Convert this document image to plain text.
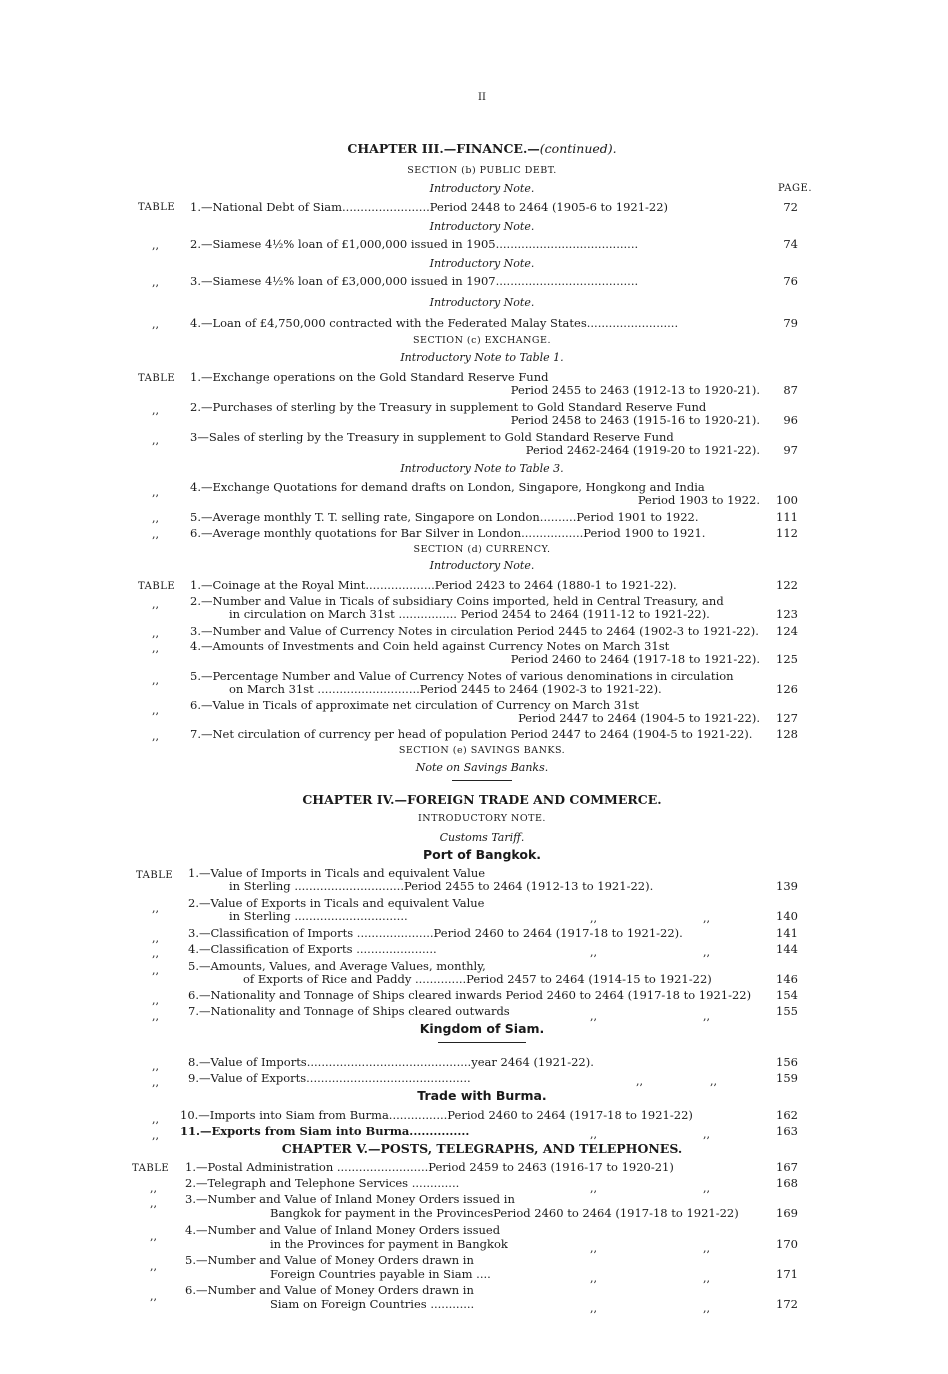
II
CHAPTER III.—FINANCE.—(continued).
SECTION (b) PUBLIC DEBT.
Introductory Note.	PAGE.
TABLE 1.—National Debt of Siam........................Period 2448 to 2464 (1905-6 to 1921-22)	72
Introductory Note.
,,	2.—Siamese 4½% loan of £1,000,000 issued in 1905.......................................	74
Introductory Note.
,,	3.—Siamese 4½% loan of £3,000,000 issued in 1907.......................................	76
Introductory Note.
,,	4.—Loan of £4,750,000 contracted with the Federated Malay States.........................	79
SECTION (c) EXCHANGE.
Introductory Note to Table 1.
TABLE 1.—Exchange operations on the Gold Standard Reserve Fund
Period 2455 to 2463 (1912-13 to 1920-21). 87
,,	2.—Purchases of sterling by the Treasury in supplement to Gold Standard Reserve Fund
Period 2458 to 2463 (1915-16 to 1920-21). 96
,,	3—Sales of sterling by the Treasury in supplement to Gold Standard Reserve Fund
Period 2462-2464 (1919-20 to 1921-22). 97
Introductory Note to Table 3.
,,	4.—Exchange Quotations for demand drafts on London, Singapore, Hongkong and India
Period 1903 to 1922. 100
,,	5.—Average monthly T. T. selling rate, Singapore on London..........Period 1901 to 1922.	111
,,	6.—Average monthly quotations for Bar Silver in London.................Period 1900 to 1921.	112
SECTION (d) CURRENCY.
Introductory Note.
TABLE 1.—Coinage at the Royal Mint...................Period 2423 to 2464 (1880-1 to 1921-22).	122
,,	2.—Number and Value in Ticals of subsidiary Coins imported, held in Central Treasury, and
in circulation on March 31st ................ Period 2454 to 2464 (1911-12 to 1921-22).	123
,,	3.—Number and Value of Currency Notes in circulation Period 2445 to 2464 (1902-3 to 1921-22). 124
,,	4.—Amounts of Investments and Coin held against Currency Notes on March 31st
Period 2460 to 2464 (1917-18 to 1921-22). 125
,,	5.—Percentage Number and Value of Currency Notes of various denominations in circulation
on March 31st ............................Period 2445 to 2464 (1902-3 to 1921-22).	126
,,	6.—Value in Ticals of approximate net circulation of Currency on March 31st
Period 2447 to 2464 (1904-5 to 1921-22). 127
,,	7.—Net circulation of currency per head of population Period 2447 to 2464 (1904-5 to 1921-22). 128
SECTION (e) SAVINGS BANKS.
Note on Savings Banks.
CHAPTER IV.—FOREIGN TRADE AND COMMERCE.
INTRODUCTORY NOTE.
Customs Tariff.
Port of Bangkok.
TABLE 1.—Value of Imports in Ticals and equivalent Value
in Sterling ..............................Period 2455 to 2464 (1912-13 to 1921-22).	139
,,	2.—Value of Exports in Ticals and equivalent Value
in Sterling ...............................	,,	,,	140
,,	3.—Classification of Imports .....................Period 2460 to 2464 (1917-18 to 1921-22).	141
,,	4.—Classification of Exports ......................	,,	,,	144
,,	5.—Amounts, Values, and Average Values, monthly,
of Exports of Rice and Paddy ..............Period 2457 to 2464 (1914-15 to 1921-22)	146
,,	6.—Nationality and Tonnage of Ships cleared inwards Period 2460 to 2464 (1917-18 to 1921-22) 154
,,	7.—Nationality and Tonnage of Ships cleared outwards	,,	,,	155
Kingdom of Siam.
,,	8.—Value of Imports.............................................year 2464 (1921-22).	156
,,	9.—Value of Exports.............................................	,,	,,	159
Trade with Burma.
,, 10.—Imports into Siam from Burma................Period 2460 to 2464 (1917-18 to 1921-22)	162
,, 11.—Exports from Siam into Burma...............	,,	,,	163
CHAPTER V.—POSTS, TELEGRAPHS, AND TELEPHONES.
TABLE 1.—Postal Administration .........................Period 2459 to 2463 (1916-17 to 1920-21)	167
,, 2.—Telegraph and Telephone Services .............	,,	,,	168
,, 3.—Number and Value of Inland Money Orders issued in
Bangkok for payment in the ProvincesPeriod 2460 to 2464 (1917-18 to 1921-22)	169
,, 4.—Number and Value of Inland Money Orders issued
in the Provinces for payment in Bangkok	,,	,,	170
,, 5.—Number and Value of Money Orders drawn in
Foreign Countries payable in Siam ....	,,	,,	171
,, 6.—Number and Value of Money Orders drawn in
Siam on Foreign Countries ............	,,	,,	172
